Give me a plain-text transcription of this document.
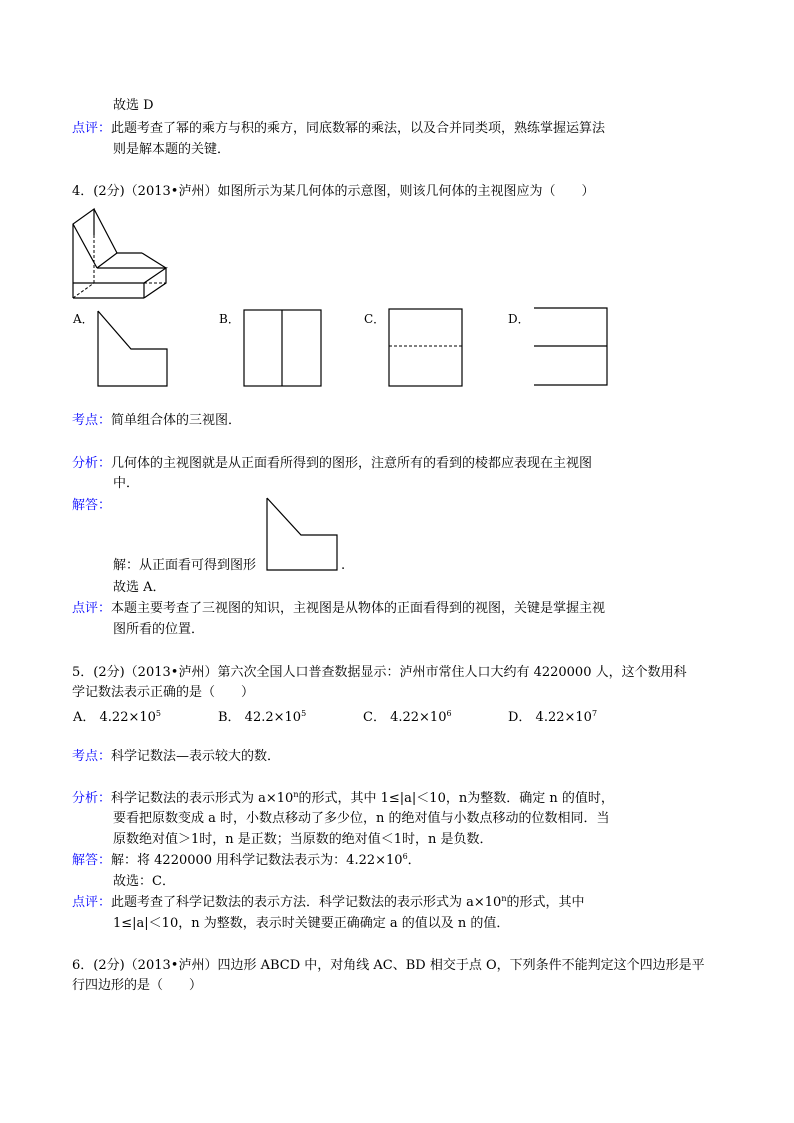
故选 D
点评：此题考查了幂的乘方与积的乘方，同底数幂的乘法，以及合并同类项，熟练掌握运算法
则是解本题的关键．
4．(2分)（2013•泸州）如图所示为某几何体的示意图，则该几何体的主视图应为（　　）
A．	B．	C．	D．
考点：简单组合体的三视图．
分析：几何体的主视图就是从正面看所得到的图形，注意所有的看到的棱都应表现在主视图
中．
解答：
解：从正面看可得到图形	.
故选 A．
点评：本题主要考查了三视图的知识，主视图是从物体的正面看得到的视图，关键是掌握主视
图所看的位置．
5．(2分)（2013•泸州）第六次全国人口普查数据显示：泸州市常住人口大约有 4220000 人，这个数用科
学记数法表示正确的是（　　）
A． $4.22\times 10^5$	B． $42.2\times 10^5$	C． $4.22\times 10^6$	D． $4.22\times 10^7$
考点：科学记数法—表示较大的数．
分析：科学记数法的表示形式为 $a\times 10^n$的形式，其中 1≤|a|＜10，n为整数．确定 n 的值时，
要看把原数变成 a 时，小数点移动了多少位，n 的绝对值与小数点移动的位数相同．当
原数绝对值＞1时，n 是正数；当原数的绝对值＜1时，n 是负数．
解答：解：将 4220000 用科学记数法表示为：$4.22\times 10^6$．
故选：C．
点评：此题考查了科学记数法的表示方法．科学记数法的表示形式为 $a\times 10^n$的形式，其中
1≤|a|＜10，n 为整数，表示时关键要正确确定 a 的值以及 n 的值．
6．(2分)（2013•泸州）四边形 ABCD 中，对角线 AC、BD 相交于点 O，下列条件不能判定这个四边形是平
行四边形的是（　　）
